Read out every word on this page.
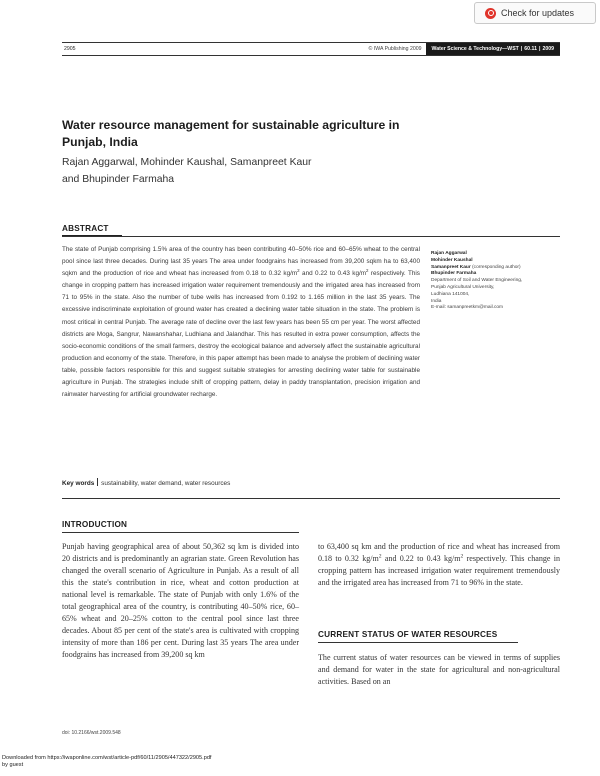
Check for updates
2905	© IWA Publishing 2009 Water Science & Technology—WST | 60.11 | 2009
Water resource management for sustainable agriculture in Punjab, India
Rajan Aggarwal, Mohinder Kaushal, Samanpreet Kaur
and Bhupinder Farmaha
ABSTRACT
The state of Punjab comprising 1.5% area of the country has been contributing 40–50% rice and 60–65% wheat to the central pool since last three decades. During last 35 years The area under foodgrains has increased from 39,200 sqkm ha to 63,400 sqkm and the production of rice and wheat has increased from 0.18 to 0.32 $kg/m^2$ and 0.22 to 0.43 $kg/m^2$ respectively. This change in cropping pattern has increased irrigation water requirement tremendously and the irrigated area has increased from 71 to 95% in the state. Also the number of tube wells has increased from 0.192 to 1.165 million in the last 35 years. The excessive indiscriminate exploitation of ground water has created a declining water table situation in the state. The problem is most critical in central Punjab. The average rate of decline over the last few years has been 55 cm per year. The worst affected districts are Moga, Sangrur, Nawanshahar, Ludhiana and Jalandhar. This has resulted in extra power consumption, affects the socio-economic conditions of the small farmers, destroy the ecological balance and adversely affect the sustainable agricultural production and economy of the state. Therefore, in this paper attempt has been made to analyse the problem of declining water table, possible factors responsible for this and suggest suitable strategies for arresting declining water table for sustainable agriculture in Punjab. The strategies include shift of cropping pattern, delay in paddy transplantation, precision irrigation and rainwater harvesting for artificial groundwater recharge.
Key words sustainability, water demand, water resources
Rajan Aggarwal
Mohinder Kaushal
Samanpreet Kaur (corresponding author)
Bhupinder Farmaha
Department of Soil and Water Engineering,
Punjab Agricultural University,
Ludhiana 141004,
India
E-mail: samanpreetkm@mail.com
INTRODUCTION
Punjab having geographical area of about 50,362 sq km is divided into 20 districts and is predominantly an agrarian state. Green Revolution has changed the overall scenario of Agriculture in Punjab. As a result of all this the state's contribution in rice, wheat and cotton production at national level is remarkable. The state of Punjab with only 1.6% of the total geographical area of the country, is contributing 40–50% rice, 60–65% wheat and 20–25% cotton to the central pool since last three decades. About 85 per cent of the state's area is cultivated with cropping intensity of more than 186 per cent. During last 35 years The area under foodgrains has increased from 39,200 sq km
to 63,400 sq km and the production of rice and wheat has increased from 0.18 to 0.32 $kg/m^2$ and 0.22 to 0.43 $kg/m^2$ respectively. This change in cropping pattern has increased irrigation water requirement tremendously and the irrigated area has increased from 71 to 96% in the state.
CURRENT STATUS OF WATER RESOURCES
The current status of water resources can be viewed in terms of supplies and demand for water in the state for agricultural and non-agricultural activities. Based on an
doi: 10.2166/wst.2009.548
Downloaded from https://iwaponline.com/wst/article-pdf/60/11/2905/447322/2905.pdf
by guest
